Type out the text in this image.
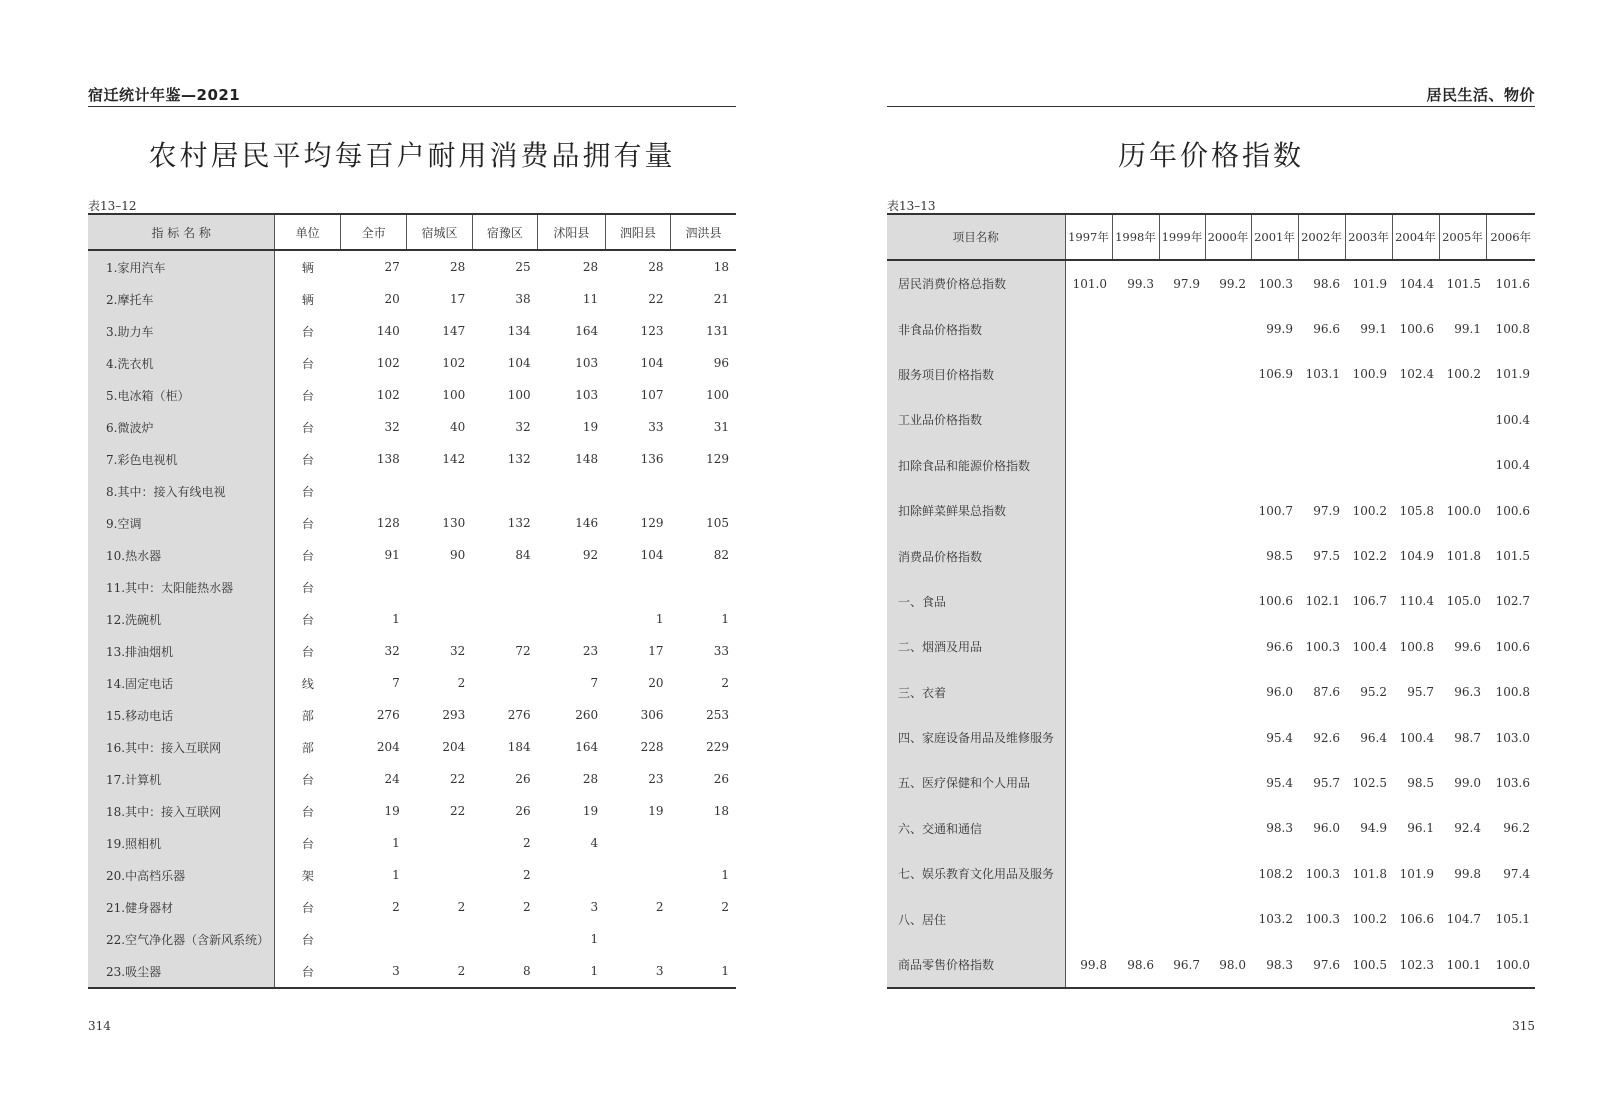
宿迁统计年鉴—2021
农村居民平均每百户耐用消费品拥有量
表13–12
指 标 名 称	单位	全市	宿城区	宿豫区	沭阳县	泗阳县	泗洪县
1.家用汽车	辆	27	28	25	28	28	18
2.摩托车	辆	20	17	38	11	22	21
3.助力车	台	140	147	134	164	123	131
4.洗衣机	台	102	102	104	103	104	96
5.电冰箱（柜）	台	102	100	100	103	107	100
6.微波炉	台	32	40	32	19	33	31
7.彩色电视机	台	138	142	132	148	136	129
8.其中：接入有线电视	台						
9.空调	台	128	130	132	146	129	105
10.热水器	台	91	90	84	92	104	82
11.其中：太阳能热水器	台						
12.洗碗机	台	1				1	1
13.排油烟机	台	32	32	72	23	17	33
14.固定电话	线	7	2		7	20	2
15.移动电话	部	276	293	276	260	306	253
16.其中：接入互联网	部	204	204	184	164	228	229
17.计算机	台	24	22	26	28	23	26
18.其中：接入互联网	台	19	22	26	19	19	18
19.照相机	台	1		2	4		
20.中高档乐器	架	1		2			1
21.健身器材	台	2	2	2	3	2	2
22.空气净化器（含新风系统）	台				1		
23.吸尘器	台	3	2	8	1	3	1
314
居民生活、物价
历年价格指数
表13–13
项目名称	1997年	1998年	1999年	2000年	2001年	2002年	2003年	2004年	2005年	2006年
居民消费价格总指数	101.0	99.3	97.9	99.2	100.3	98.6	101.9	104.4	101.5	101.6
非食品价格指数					99.9	96.6	99.1	100.6	99.1	100.8
服务项目价格指数					106.9	103.1	100.9	102.4	100.2	101.9
工业品价格指数										100.4
扣除食品和能源价格指数										100.4
扣除鲜菜鲜果总指数					100.7	97.9	100.2	105.8	100.0	100.6
消费品价格指数					98.5	97.5	102.2	104.9	101.8	101.5
一、食品					100.6	102.1	106.7	110.4	105.0	102.7
二、烟酒及用品					96.6	100.3	100.4	100.8	99.6	100.6
三、衣着					96.0	87.6	95.2	95.7	96.3	100.8
四、家庭设备用品及维修服务					95.4	92.6	96.4	100.4	98.7	103.0
五、医疗保健和个人用品					95.4	95.7	102.5	98.5	99.0	103.6
六、交通和通信					98.3	96.0	94.9	96.1	92.4	96.2
七、娱乐教育文化用品及服务					108.2	100.3	101.8	101.9	99.8	97.4
八、居住					103.2	100.3	100.2	106.6	104.7	105.1
商品零售价格指数	99.8	98.6	96.7	98.0	98.3	97.6	100.5	102.3	100.1	100.0
315
